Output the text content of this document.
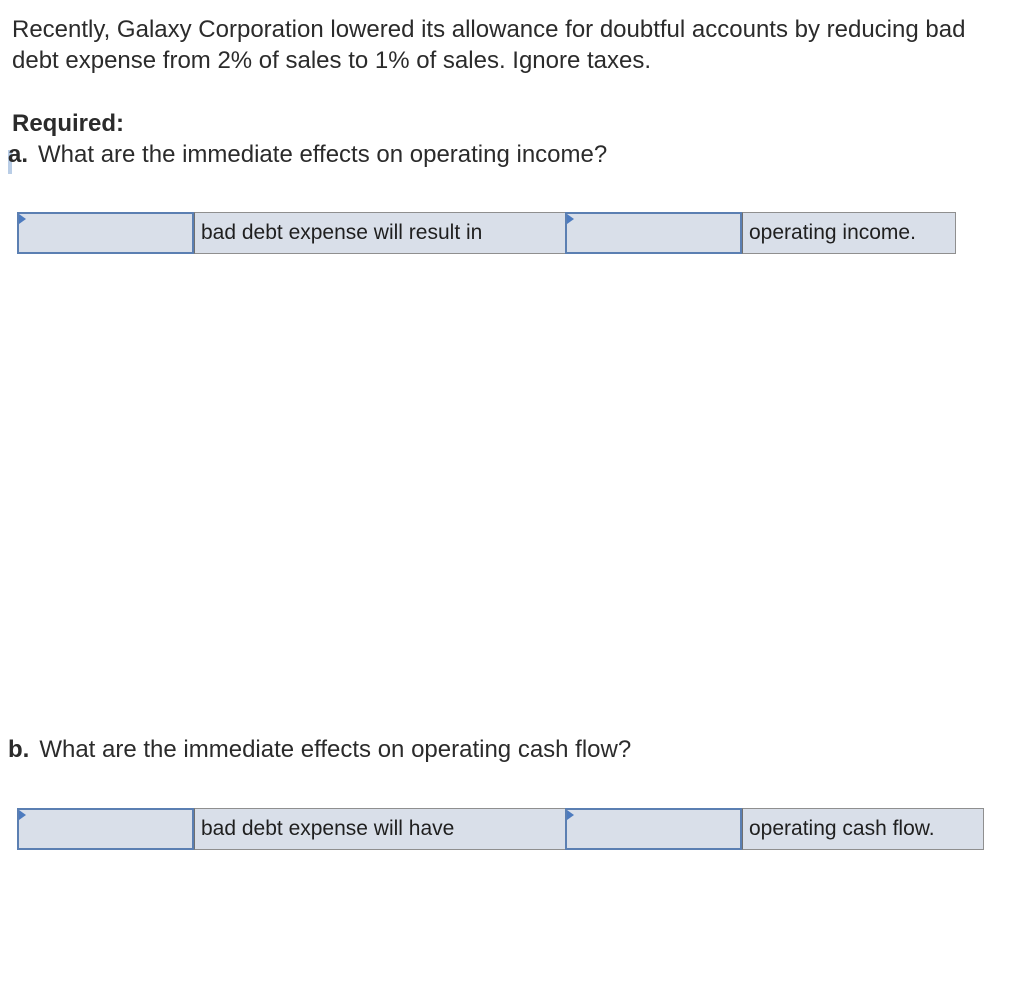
Recently, Galaxy Corporation lowered its allowance for doubtful accounts by reducing bad debt expense from 2% of sales to 1% of sales. Ignore taxes.

Required:

a. What are the immediate effects on operating income?

bad debt expense will result in	operating income.

b. What are the immediate effects on operating cash flow?

bad debt expense will have	operating cash flow.
